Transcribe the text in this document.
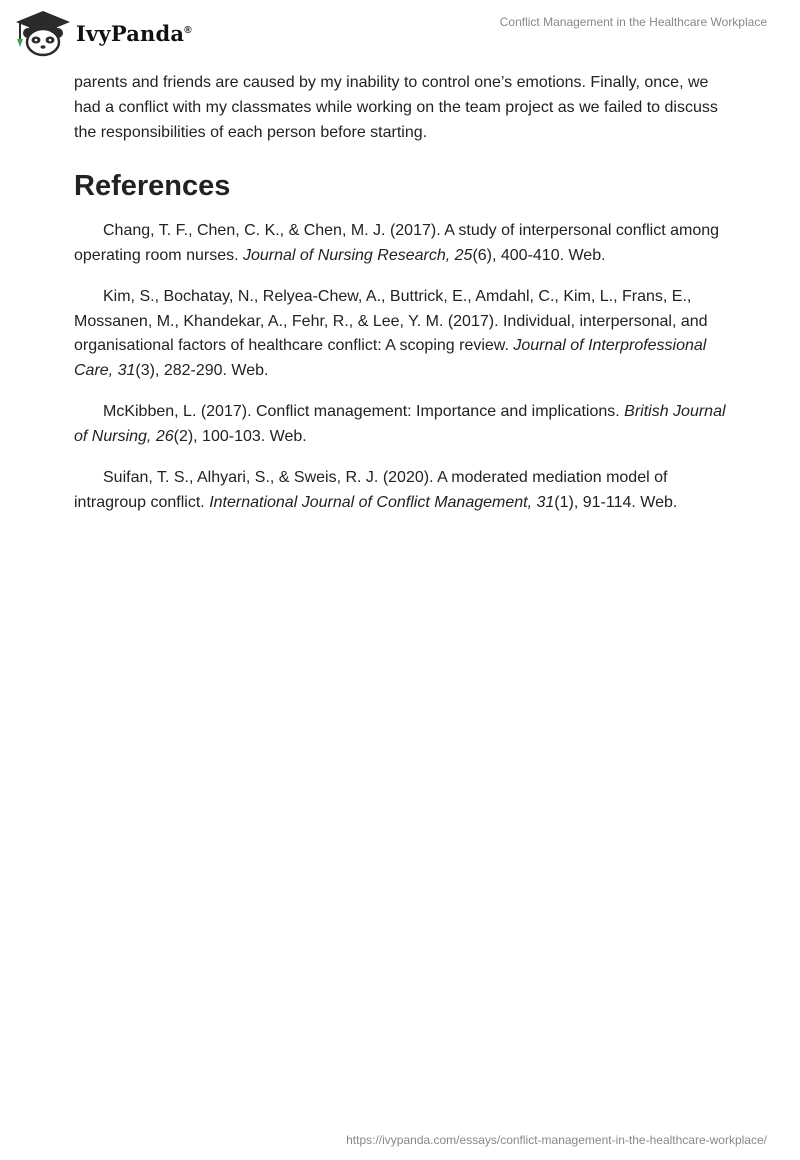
IvyPanda®
Conflict Management in the Healthcare Workplace

parents and friends are caused by my inability to control one’s emotions. Finally, once, we had a conflict with my classmates while working on the team project as we failed to discuss the responsibilities of each person before starting.

References

Chang, T. F., Chen, C. K., & Chen, M. J. (2017). A study of interpersonal conflict among operating room nurses. Journal of Nursing Research, 25(6), 400-410. Web.

Kim, S., Bochatay, N., Relyea-Chew, A., Buttrick, E., Amdahl, C., Kim, L., Frans, E., Mossanen, M., Khandekar, A., Fehr, R., & Lee, Y. M. (2017). Individual, interpersonal, and organisational factors of healthcare conflict: A scoping review. Journal of Interprofessional Care, 31(3), 282-290. Web.

McKibben, L. (2017). Conflict management: Importance and implications. British Journal of Nursing, 26(2), 100-103. Web.

Suifan, T. S., Alhyari, S., & Sweis, R. J. (2020). A moderated mediation model of intragroup conflict. International Journal of Conflict Management, 31(1), 91-114. Web.

https://ivypanda.com/essays/conflict-management-in-the-healthcare-workplace/
